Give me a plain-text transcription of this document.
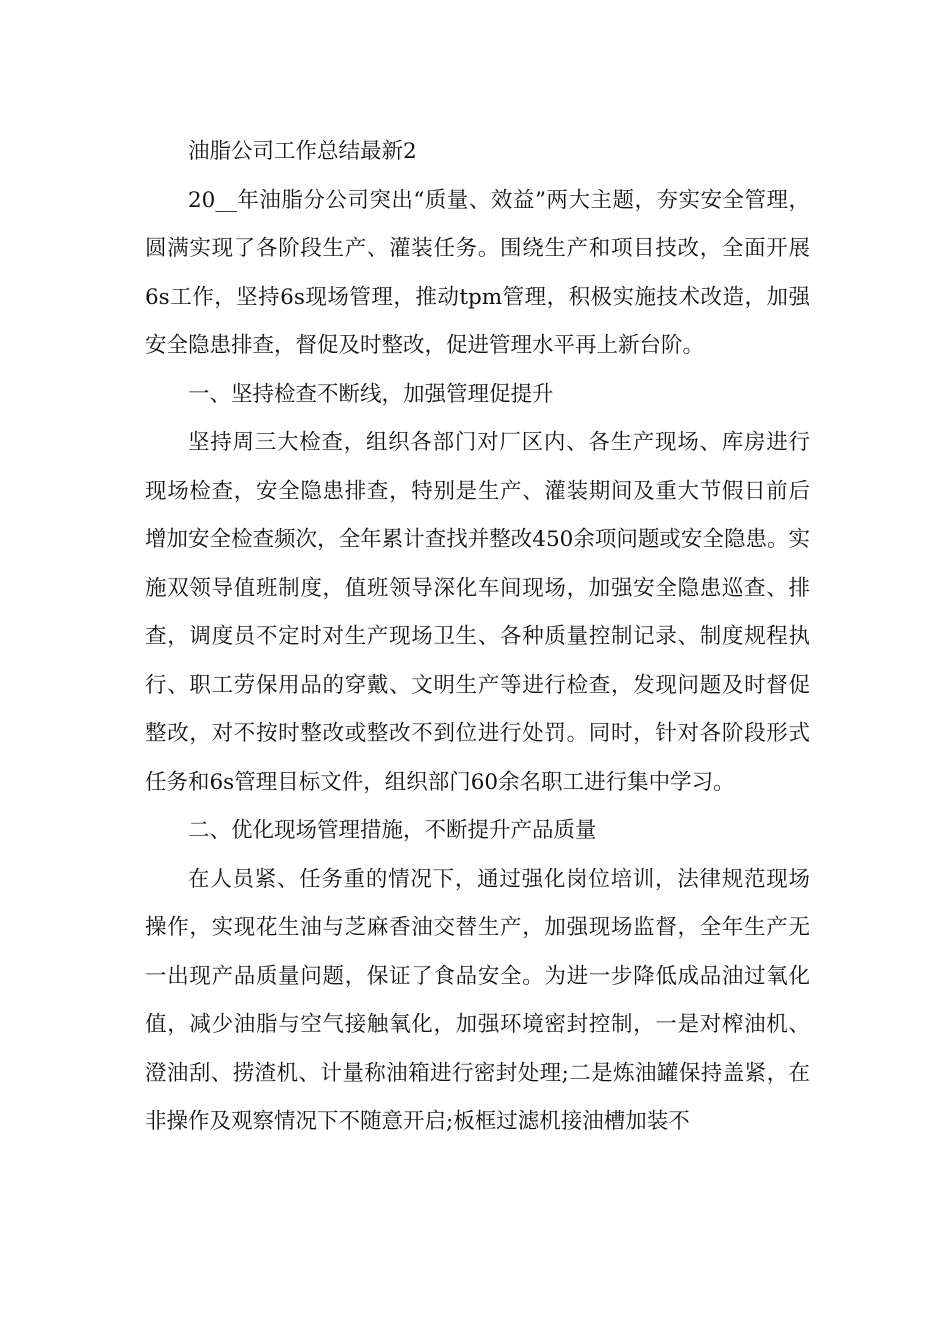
油脂公司工作总结最新2

20__年油脂分公司突出“质量、效益”两大主题，夯实安全管理，圆满实现了各阶段生产、灌装任务。围绕生产和项目技改，全面开展6s工作，坚持6s现场管理，推动tpm管理，积极实施技术改造，加强安全隐患排查，督促及时整改，促进管理水平再上新台阶。

一、坚持检查不断线，加强管理促提升

坚持周三大检查，组织各部门对厂区内、各生产现场、库房进行现场检查，安全隐患排查，特别是生产、灌装期间及重大节假日前后增加安全检查频次，全年累计查找并整改450余项问题或安全隐患。实施双领导值班制度，值班领导深化车间现场，加强安全隐患巡查、排查，调度员不定时对生产现场卫生、各种质量控制记录、制度规程执行、职工劳保用品的穿戴、文明生产等进行检查，发现问题及时督促整改，对不按时整改或整改不到位进行处罚。同时，针对各阶段形式任务和6s管理目标文件，组织部门60余名职工进行集中学习。

二、优化现场管理措施，不断提升产品质量

在人员紧、任务重的情况下，通过强化岗位培训，法律规范现场操作，实现花生油与芝麻香油交替生产，加强现场监督，全年生产无一出现产品质量问题，保证了食品安全。为进一步降低成品油过氧化值，减少油脂与空气接触氧化，加强环境密封控制，一是对榨油机、澄油刮、捞渣机、计量称油箱进行密封处理;二是炼油罐保持盖紧，在非操作及观察情况下不随意开启;板框过滤机接油槽加装不
